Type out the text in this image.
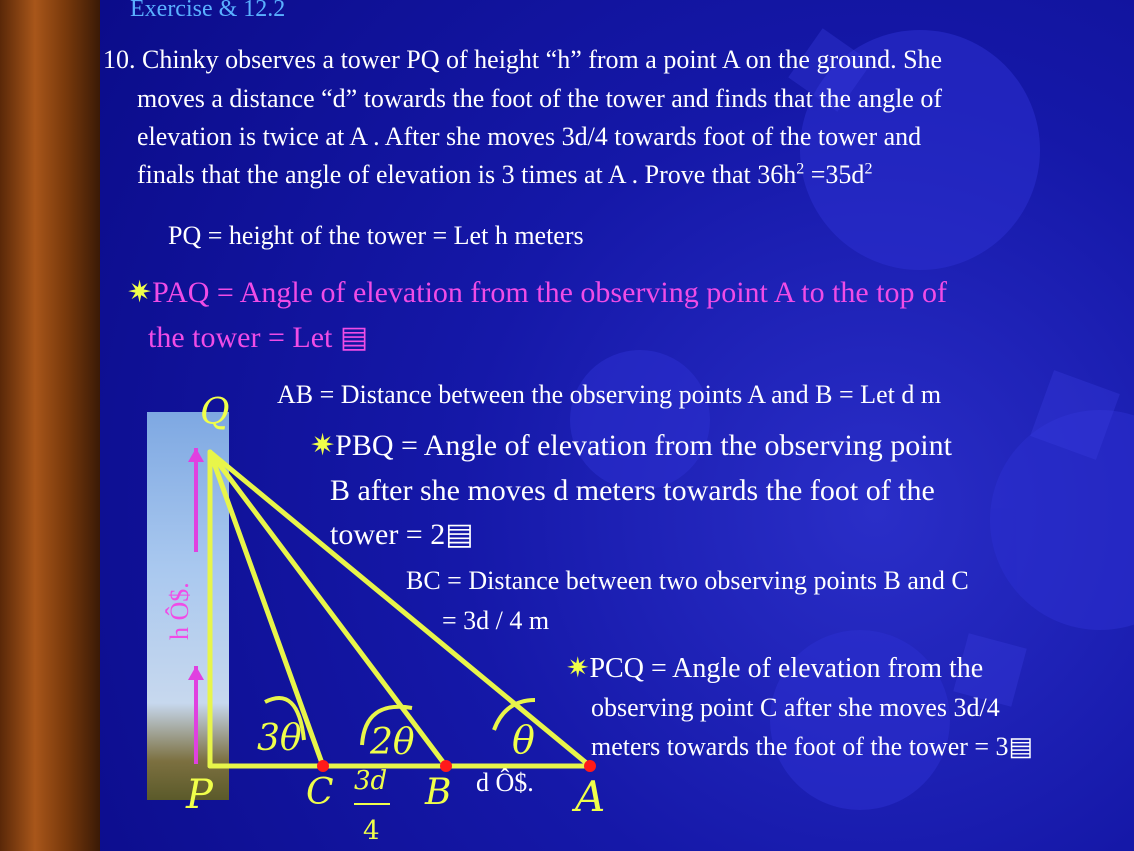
Exercise & 12.2
10. Chinky observes a tower PQ of height “h” from a point A on the ground. She
moves a distance “d” towards the foot of the tower and finds that the angle of
elevation is twice at A . After she moves 3d/4 towards foot of the tower and
finals that the angle of elevation is 3 times at A . Prove that $36h^2 =35d^2$
PQ = height of the tower = Let h meters
✷PAQ = Angle of elevation from the observing point A to the top of
the tower = Let ▤
AB = Distance between the observing points A and B = Let d m
✷PBQ = Angle of elevation from the observing point
B after she moves d meters towards the foot of the
tower = 2▤
BC = Distance between two observing points B and C
= 3d / 4 m
✷PCQ = Angle of elevation from the
observing point C after she moves 3d/4
meters towards the foot of the tower = 3▤
Q
P	C	B	A
h Ô$.
3θ 2θ	θ
3d
4
d Ô$.
